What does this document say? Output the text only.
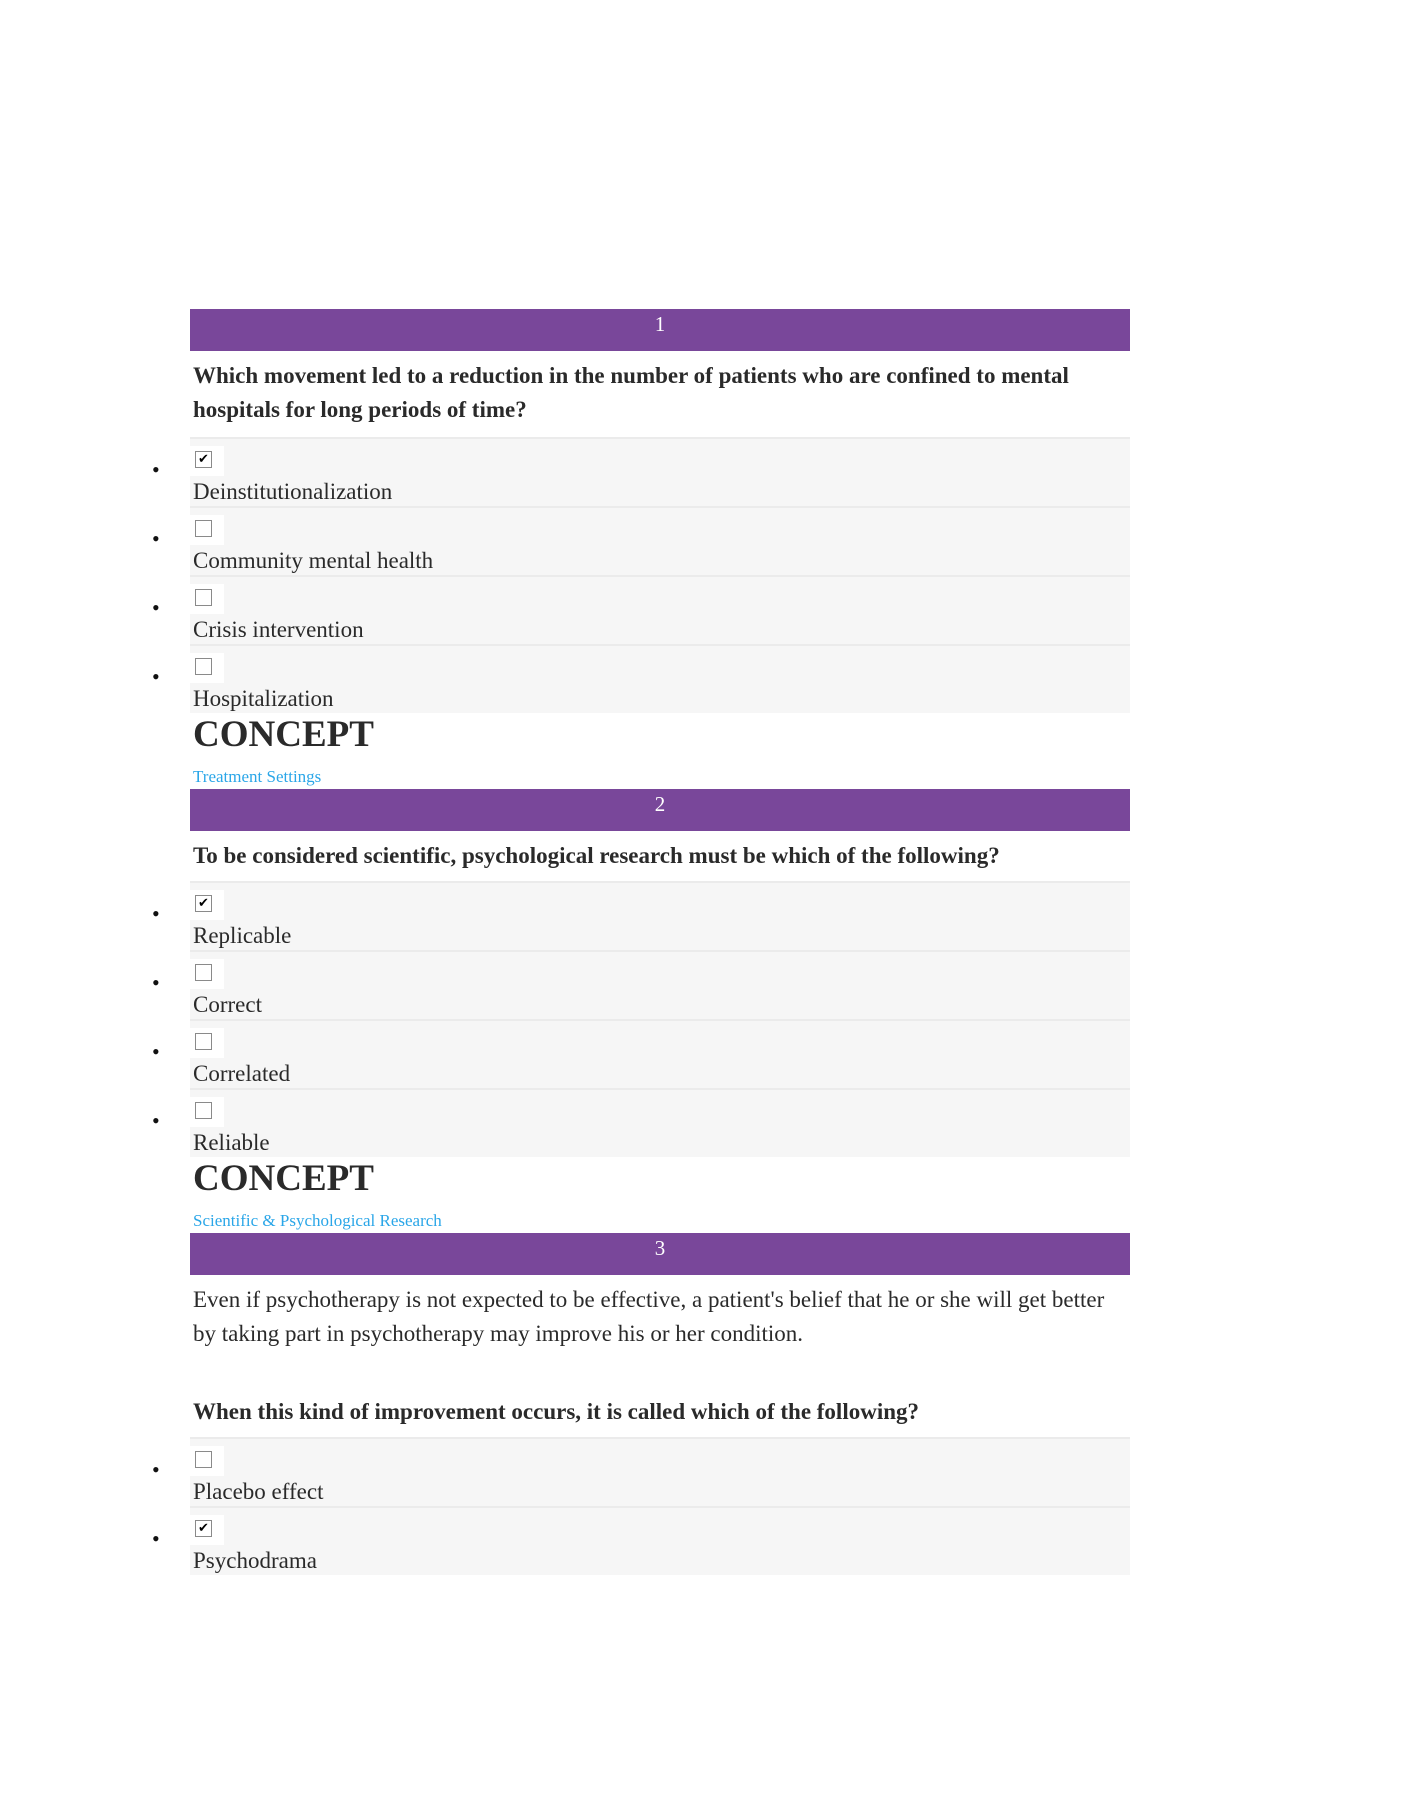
1

Which movement led to a reduction in the number of patients who are confined to mental hospitals for long periods of time?

•	✔
Deinstitutionalization
•
Community mental health
•
Crisis intervention
•
Hospitalization
CONCEPT
Treatment Settings
2

To be considered scientific, psychological research must be which of the following?

•	✔
Replicable
•
Correct
•
Correlated
•
Reliable
CONCEPT
Scientific & Psychological Research
3

Even if psychotherapy is not expected to be effective, a patient's belief that he or she will get better by taking part in psychotherapy may improve his or her condition.

When this kind of improvement occurs, it is called which of the following?

•
Placebo effect
•	✔
Psychodrama
